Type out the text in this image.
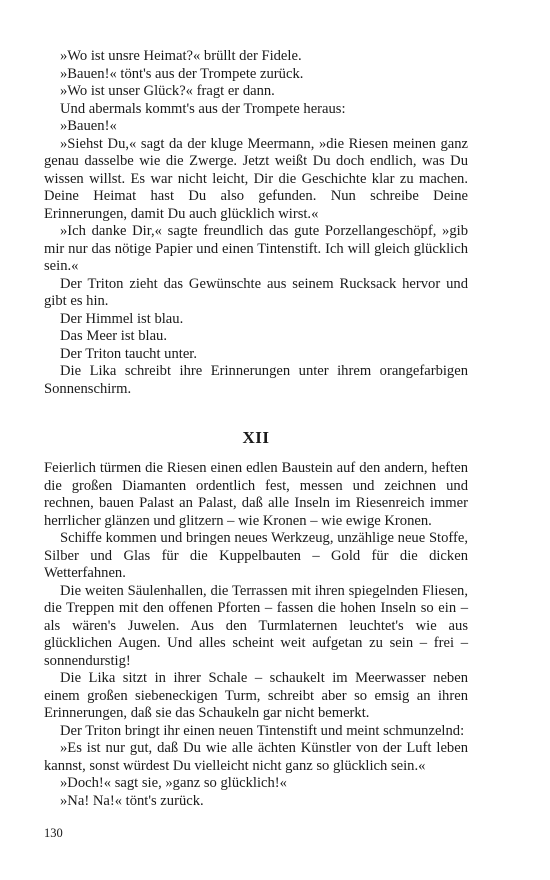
»Wo ist unsre Heimat?« brüllt der Fidele.

»Bauen!« tönt's aus der Trompete zurück.

»Wo ist unser Glück?« fragt er dann.

Und abermals kommt's aus der Trompete heraus:

»Bauen!«

»Siehst Du,« sagt da der kluge Meermann, »die Riesen meinen ganz genau dasselbe wie die Zwerge. Jetzt weißt Du doch endlich, was Du wissen willst. Es war nicht leicht, Dir die Geschichte klar zu machen. Deine Heimat hast Du also gefunden. Nun schreibe Deine Erinnerungen, damit Du auch glücklich wirst.«

»Ich danke Dir,« sagte freundlich das gute Porzellangeschöpf, »gib mir nur das nötige Papier und einen Tintenstift. Ich will gleich glücklich sein.«

Der Triton zieht das Gewünschte aus seinem Rucksack hervor und gibt es hin.

Der Himmel ist blau.

Das Meer ist blau.

Der Triton taucht unter.

Die Lika schreibt ihre Erinnerungen unter ihrem orangefarbigen Sonnenschirm.

XII

Feierlich türmen die Riesen einen edlen Baustein auf den andern, heften die großen Diamanten ordentlich fest, messen und zeichnen und rechnen, bauen Palast an Palast, daß alle Inseln im Riesenreich immer herrlicher glänzen und glitzern – wie Kronen – wie ewige Kronen.

Schiffe kommen und bringen neues Werkzeug, unzählige neue Stoffe, Silber und Glas für die Kuppelbauten – Gold für die dicken Wetterfahnen.

Die weiten Säulenhallen, die Terrassen mit ihren spiegelnden Fliesen, die Treppen mit den offenen Pforten – fassen die hohen Inseln so ein – als wären's Juwelen. Aus den Turmlaternen leuchtet's wie aus glücklichen Augen. Und alles scheint weit aufgetan zu sein – frei – sonnendurstig!

Die Lika sitzt in ihrer Schale – schaukelt im Meerwasser neben einem großen siebeneckigen Turm, schreibt aber so emsig an ihren Erinnerungen, daß sie das Schaukeln gar nicht bemerkt.

Der Triton bringt ihr einen neuen Tintenstift und meint schmunzelnd:

»Es ist nur gut, daß Du wie alle ächten Künstler von der Luft leben kannst, sonst würdest Du vielleicht nicht ganz so glücklich sein.«

»Doch!« sagt sie, »ganz so glücklich!«

»Na! Na!« tönt's zurück.

130
